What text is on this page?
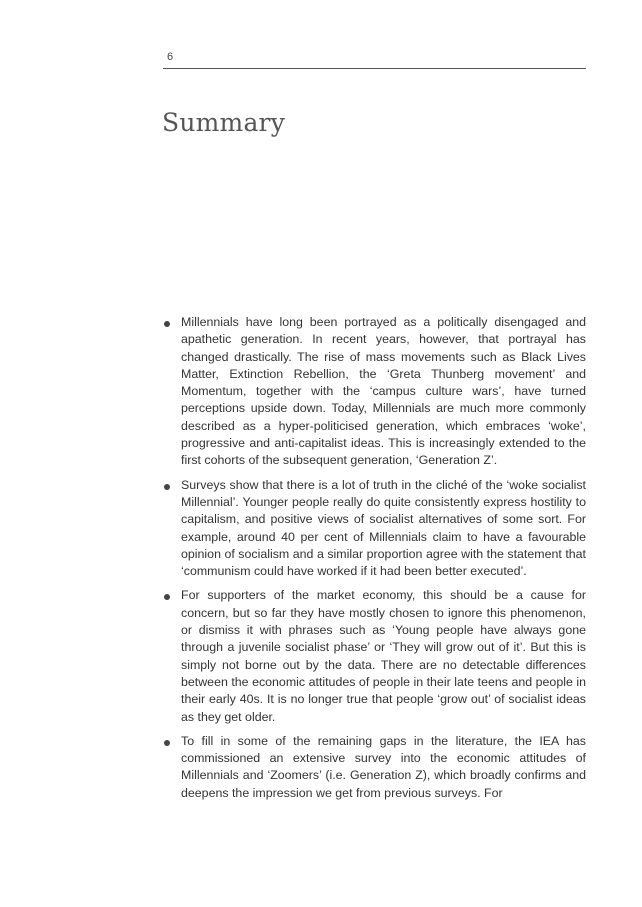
6
Summary

Millennials have long been portrayed as a politically disengaged and apathetic generation. In recent years, however, that portrayal has changed drastically. The rise of mass movements such as Black Lives Matter, Extinction Rebellion, the ‘Greta Thunberg movement’ and Momentum, together with the ‘campus culture wars’, have turned perceptions upside down. Today, Millennials are much more commonly described as a hyper-politicised generation, which embraces ‘woke’, progressive and anti-capitalist ideas. This is increasingly extended to the first cohorts of the subsequent generation, ‘Generation Z’.

Surveys show that there is a lot of truth in the cliché of the ‘woke socialist Millennial’. Younger people really do quite consistently express hostility to capitalism, and positive views of socialist alternatives of some sort. For example, around 40 per cent of Millennials claim to have a favourable opinion of socialism and a similar proportion agree with the statement that ‘communism could have worked if it had been better executed’.

For supporters of the market economy, this should be a cause for concern, but so far they have mostly chosen to ignore this phenomenon, or dismiss it with phrases such as ‘Young people have always gone through a juvenile socialist phase’ or ‘They will grow out of it’. But this is simply not borne out by the data. There are no detectable differences between the economic attitudes of people in their late teens and people in their early 40s. It is no longer true that people ‘grow out’ of socialist ideas as they get older.

To fill in some of the remaining gaps in the literature, the IEA has commissioned an extensive survey into the economic attitudes of Millennials and ‘Zoomers’ (i.e. Generation Z), which broadly confirms and deepens the impression we get from previous surveys. For
